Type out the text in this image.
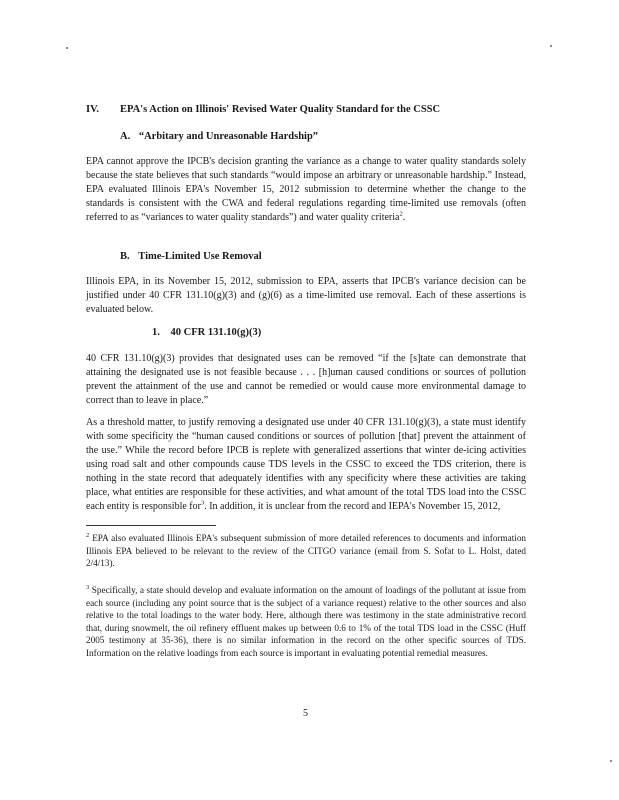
IV. EPA's Action on Illinois' Revised Water Quality Standard for the CSSC
A. “Arbitary and Unreasonable Hardship”

EPA cannot approve the IPCB's decision granting the variance as a change to water quality standards solely because the state believes that such standards “would impose an arbitrary or unreasonable hardship.” Instead, EPA evaluated Illinois EPA's November 15, 2012 submission to determine whether the change to the standards is consistent with the CWA and federal regulations regarding time-limited use removals (often referred to as “variances to water quality standards”) and water quality criteria$^2$.

B. Time-Limited Use Removal

Illinois EPA, in its November 15, 2012, submission to EPA, asserts that IPCB's variance decision can be justified under 40 CFR 131.10(g)(3) and (g)(6) as a time-limited use removal. Each of these assertions is evaluated below.

1. 40 CFR 131.10(g)(3)

40 CFR 131.10(g)(3) provides that designated uses can be removed “if the [s]tate can demonstrate that attaining the designated use is not feasible because . . . [h]uman caused conditions or sources of pollution prevent the attainment of the use and cannot be remedied or would cause more environmental damage to correct than to leave in place.”

As a threshold matter, to justify removing a designated use under 40 CFR 131.10(g)(3), a state must identify with some specificity the “human caused conditions or sources of pollution [that] prevent the attainment of the use.” While the record before IPCB is replete with generalized assertions that winter de-icing activities using road salt and other compounds cause TDS levels in the CSSC to exceed the TDS criterion, there is nothing in the state record that adequately identifies with any specificity where these activities are taking place, what entities are responsible for these activities, and what amount of the total TDS load into the CSSC each entity is responsible for$^3$. In addition, it is unclear from the record and IEPA's November 15, 2012,

$^2$ EPA also evaluated Illinois EPA's subsequent submission of more detailed references to documents and information Illinois EPA believed to be relevant to the review of the CITGO variance (email from S. Sofat to L. Holst, dated 2/4/13).

$^3$ Specifically, a state should develop and evaluate information on the amount of loadings of the pollutant at issue from each source (including any point source that is the subject of a variance request) relative to the other sources and also relative to the total loadings to the water body. Here, although there was testimony in the state administrative record that, during snowmelt, the oil refinery effluent makes up between 0.6 to 1% of the total TDS load in the CSSC (Huff 2005 testimony at 35-36), there is no similar information in the record on the other specific sources of TDS. Information on the relative loadings from each source is important in evaluating potential remedial measures.

5
